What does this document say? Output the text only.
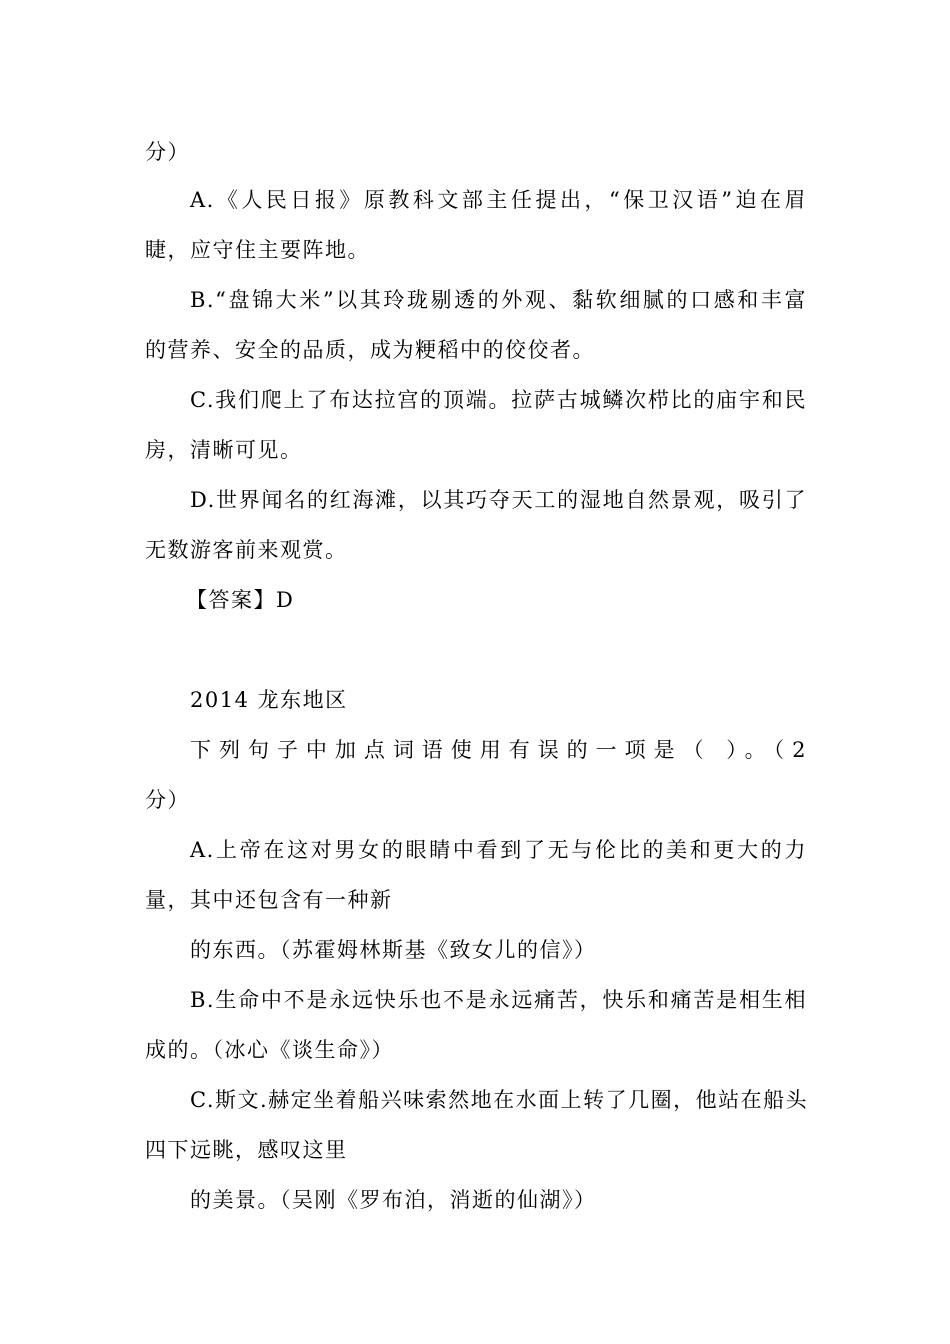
分）
A.《人民日报》原教科文部主任提出，“保卫汉语”迫在眉
睫，应守住主要阵地。
B.“盘锦大米”以其玲珑剔透的外观、黏软细腻的口感和丰富
的营养、安全的品质，成为粳稻中的佼佼者。
C.我们爬上了布达拉宫的顶端。拉萨古城鳞次栉比的庙宇和民
房，清晰可见。
D.世界闻名的红海滩，以其巧夺天工的湿地自然景观，吸引了
无数游客前来观赏。
【答案】D
2014 龙东地区
下列句子中加点词语使用有误的一项是（ ）。（2
分）
A.上帝在这对男女的眼睛中看到了无与伦比的美和更大的力
量，其中还包含有一种新
的东西。（苏霍姆林斯基《致女儿的信》）
B.生命中不是永远快乐也不是永远痛苦，快乐和痛苦是相生相
成的。（冰心《谈生命》）
C.斯文.赫定坐着船兴味索然地在水面上转了几圈，他站在船头
四下远眺，感叹这里
的美景。（吴刚《罗布泊，消逝的仙湖》）
